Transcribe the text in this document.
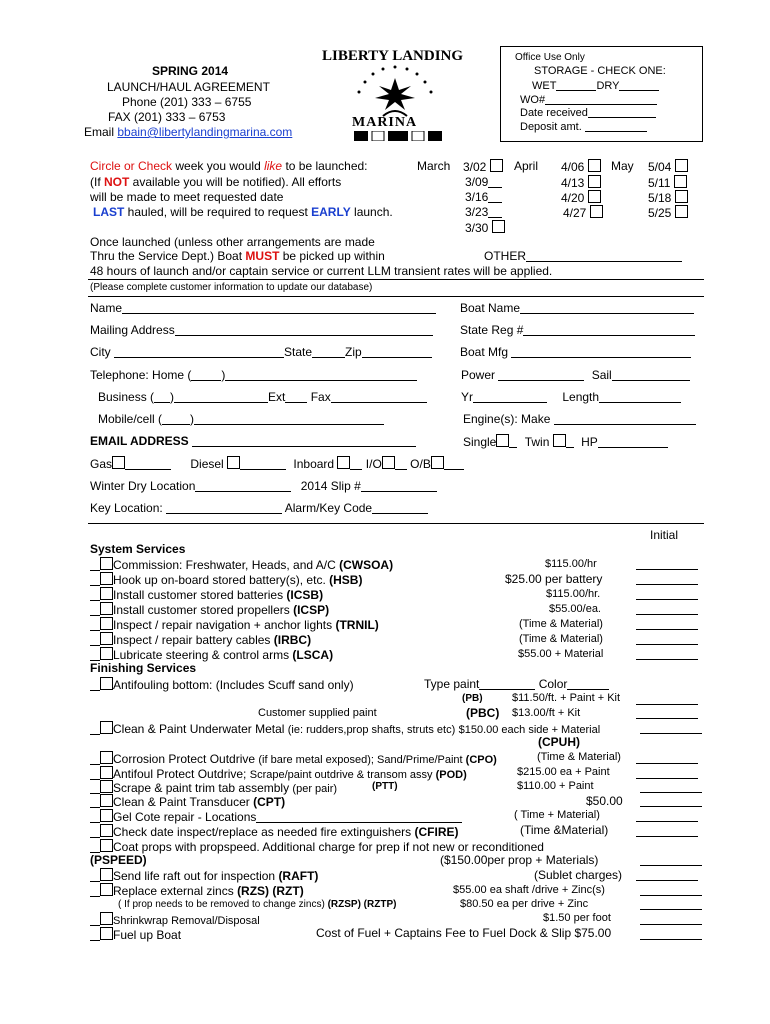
SPRING 2014
LAUNCH/HAUL AGREEMENT
Phone (201) 333 – 6755
FAX (201) 333 – 6753
Email bbain@libertylandingmarina.com
LIBERTY LANDING
MARINA
Office Use Only
STORAGE - CHECK ONE:
WET	DRY
WO#
Date received
Deposit amt.
Circle or Check week you would like to be launched:
(If NOT available you will be notified). All efforts
will be made to meet requested date
LAST hauled, will be required to request EARLY launch.
March 3/02
3/09
3/16
3/23
3/30
April 4/06
4/13
4/20
4/27
May 5/04
5/11
5/18
5/25
Once launched (unless other arrangements are made
Thru the Service Dept.) Boat MUST be picked up within	OTHER
48 hours of launch and/or captain service or current LLM transient rates will be applied.
(Please complete customer information to update our database)
Name
Mailing Address
City	State	Zip
Telephone: Home (	)
Business ( )	Ext Fax
Mobile/cell ( )
EMAIL ADDRESS
Gas	Diesel	Inboard	I/O O/B
Winter Dry Location	2014 Slip #
Key Location:	Alarm/Key Code
Boat Name
State Reg #
Boat Mfg
Power	Sail
Yr	Length
Engine(s): Make
Single Twin	HP
Initial
System Services
Commission: Freshwater, Heads, and A/C (CWSOA)	$115.00/hr
Hook up on-board stored battery(s), etc. (HSB)	$25.00 per battery
Install customer stored batteries (ICSB)	$115.00/hr.
Install customer stored propellers (ICSP)	$55.00/ea.
Inspect / repair navigation + anchor lights (TRNIL)	(Time & Material)
Inspect / repair battery cables (IRBC)	(Time & Material)
Lubricate steering & control arms (LSCA)	$55.00 + Material
Finishing Services
Antifouling bottom: (Includes Scuff sand only)	Type paint	Color
(PB)	$11.50/ft. + Paint + Kit
Customer supplied paint	(PBC) $13.00/ft + Kit
Clean & Paint Underwater Metal (ie: rudders,prop shafts, struts etc) $150.00 each side + Material
(CPUH)
Corrosion Protect Outdrive (if bare metal exposed); Sand/Prime/Paint (CPO)	(Time & Material)
Antifoul Protect Outdrive; Scrape/paint outdrive & transom assy (POD)	$215.00 ea + Paint
Scrape & paint trim tab assembly (per pair)	(PTT)	$110.00 + Paint
Clean & Paint Transducer (CPT)	$50.00
Gel Cote repair - Locations	( Time + Material)
Check date inspect/replace as needed fire extinguishers (CFIRE)	(Time &Material)
Coat props with propspeed. Additional charge for prep if not new or reconditioned
(PSPEED)	($150.00per prop + Materials)
Send life raft out for inspection (RAFT)	(Sublet charges)
Replace external zincs (RZS) (RZT)	$55.00 ea shaft /drive + Zinc(s)
( If prop needs to be removed to change zincs) (RZSP) (RZTP)	$80.50 ea per drive + Zinc
Shrinkwrap Removal/Disposal	$1.50 per foot
Fuel up Boat	Cost of Fuel + Captains Fee to Fuel Dock & Slip $75.00
